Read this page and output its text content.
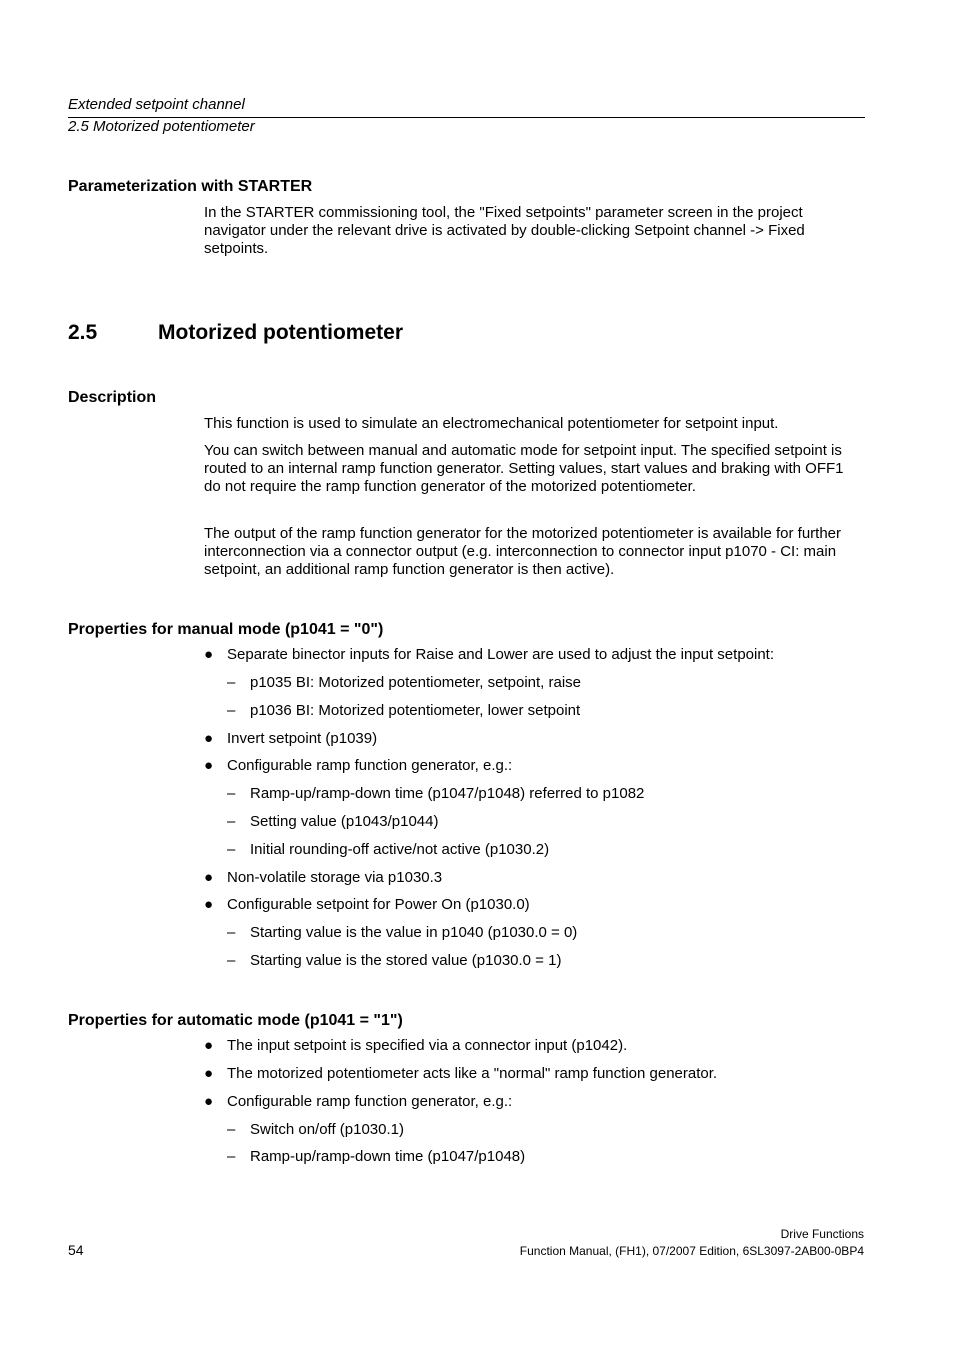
Extended setpoint channel
2.5 Motorized potentiometer
Parameterization with STARTER
In the STARTER commissioning tool, the "Fixed setpoints" parameter screen in the project navigator under the relevant drive is activated by double-clicking Setpoint channel -> Fixed setpoints.
2.5	Motorized potentiometer
Description
This function is used to simulate an electromechanical potentiometer for setpoint input.
You can switch between manual and automatic mode for setpoint input. The specified setpoint is routed to an internal ramp function generator. Setting values, start values and braking with OFF1 do not require the ramp function generator of the motorized potentiometer.
The output of the ramp function generator for the motorized potentiometer is available for further interconnection via a connector output (e.g. interconnection to connector input p1070 - CI: main setpoint, an additional ramp function generator is then active).
Properties for manual mode (p1041 = "0")
● Separate binector inputs for Raise and Lower are used to adjust the input setpoint:
– p1035 BI: Motorized potentiometer, setpoint, raise
– p1036 BI: Motorized potentiometer, lower setpoint
● Invert setpoint (p1039)
● Configurable ramp function generator, e.g.:
– Ramp-up/ramp-down time (p1047/p1048) referred to p1082
– Setting value (p1043/p1044)
– Initial rounding-off active/not active (p1030.2)
● Non-volatile storage via p1030.3
● Configurable setpoint for Power On (p1030.0)
– Starting value is the value in p1040 (p1030.0 = 0)
– Starting value is the stored value (p1030.0 = 1)
Properties for automatic mode (p1041 = "1")
● The input setpoint is specified via a connector input (p1042).
● The motorized potentiometer acts like a "normal" ramp function generator.
● Configurable ramp function generator, e.g.:
– Switch on/off (p1030.1)
– Ramp-up/ramp-down time (p1047/p1048)
54
Drive Functions
Function Manual, (FH1), 07/2007 Edition, 6SL3097-2AB00-0BP4
